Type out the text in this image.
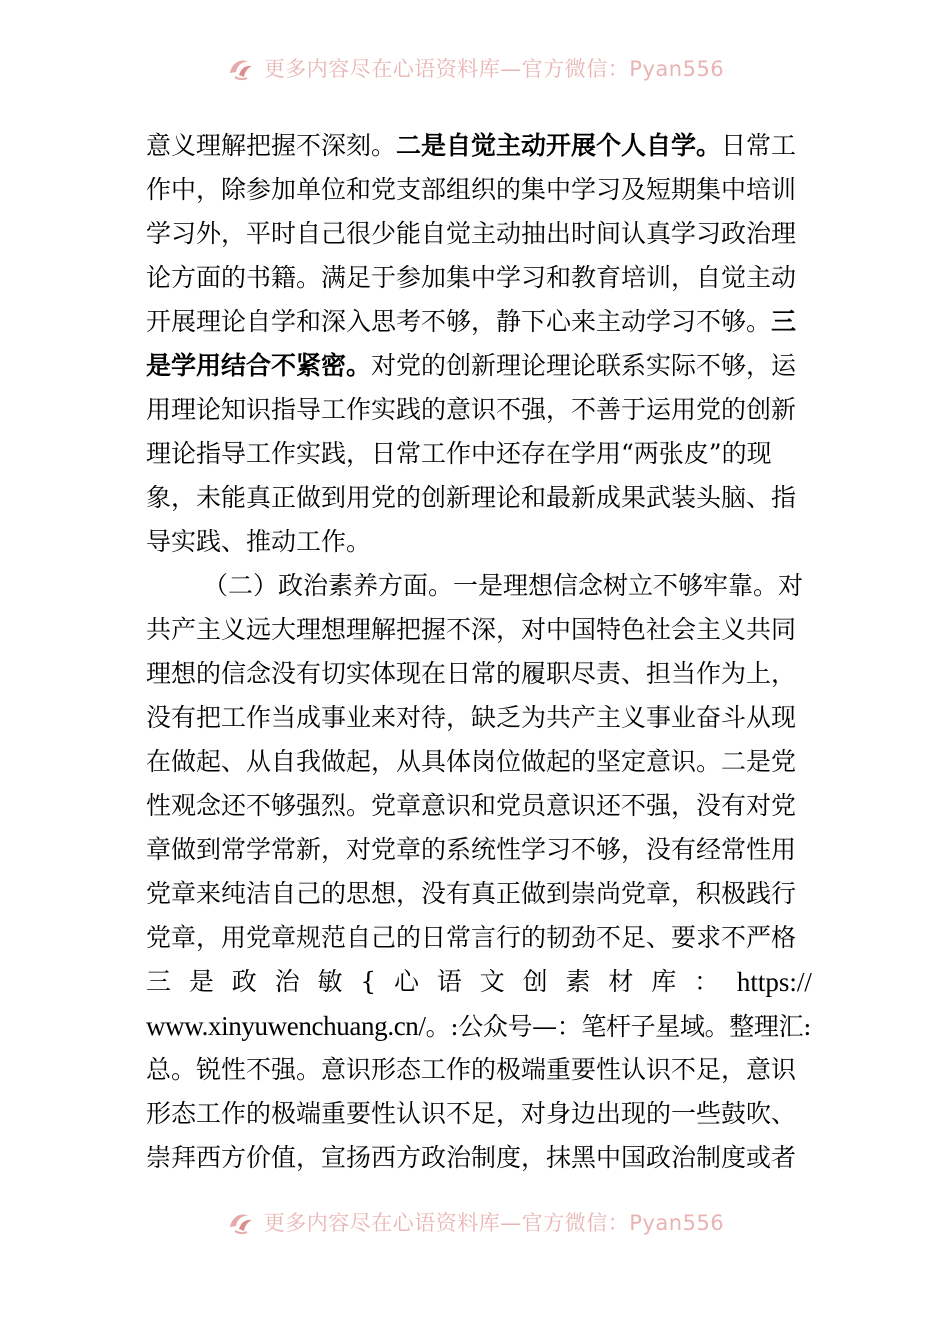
更多内容尽在心语资料库—官方微信：Pyan556
意义理解把握不深刻。二是自觉主动开展个人自学。日常工
作中，除参加单位和党支部组织的集中学习及短期集中培训
学习外，平时自己很少能自觉主动抽出时间认真学习政治理
论方面的书籍。满足于参加集中学习和教育培训，自觉主动
开展理论自学和深入思考不够，静下心来主动学习不够。三
是学用结合不紧密。对党的创新理论理论联系实际不够，运
用理论知识指导工作实践的意识不强，不善于运用党的创新
理论指导工作实践，日常工作中还存在学用“两张皮”的现
象，未能真正做到用党的创新理论和最新成果武装头脑、指
导实践、推动工作。
（二）政治素养方面。一是理想信念树立不够牢靠。对
共产主义远大理想理解把握不深，对中国特色社会主义共同
理想的信念没有切实体现在日常的履职尽责、担当作为上，
没有把工作当成事业来对待，缺乏为共产主义事业奋斗从现
在做起、从自我做起，从具体岗位做起的坚定意识。二是党
性观念还不够强烈。党章意识和党员意识还不强，没有对党
章做到常学常新，对党章的系统性学习不够，没有经常性用
党章来纯洁自己的思想，没有真正做到崇尚党章，积极践行
党章，用党章规范自己的日常言行的韧劲不足、要求不严格
三 是 政 治 敏 { 心 语 文 创 素 材 库 ： https://
www.xinyuwenchuang.cn/。:公众号—：笔杆子星域。整理汇:
总。锐性不强。意识形态工作的极端重要性认识不足，意识
形态工作的极端重要性认识不足，对身边出现的一些鼓吹、
崇拜西方价值，宣扬西方政治制度，抹黑中国政治制度或者
更多内容尽在心语资料库—官方微信：Pyan556
